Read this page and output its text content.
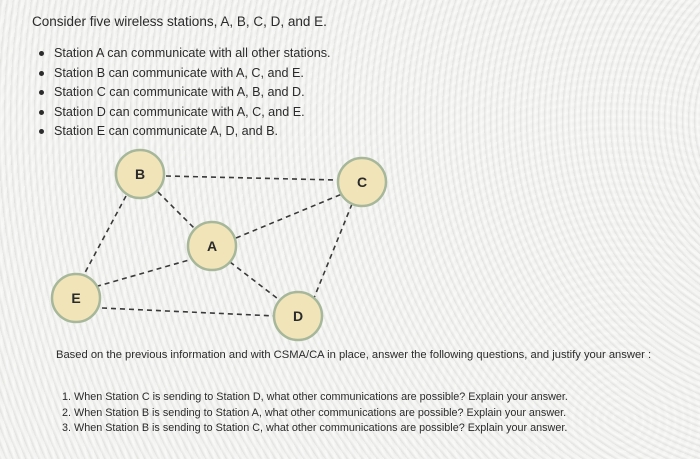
Consider five wireless stations, A, B, C, D, and E.
Station A can communicate with all other stations.
Station B can communicate with A, C, and E.
Station C can communicate with A, B, and D.
Station D can communicate with A, C, and E.
Station E can communicate A, D, and B.
B	C
A
E
D
Based on the previous information and with CSMA/CA in place, answer the following questions, and justify your answer :
1. When Station C is sending to Station D, what other communications are possible? Explain your answer.
2. When Station B is sending to Station A, what other communications are possible? Explain your answer.
3. When Station B is sending to Station C, what other communications are possible? Explain your answer.
